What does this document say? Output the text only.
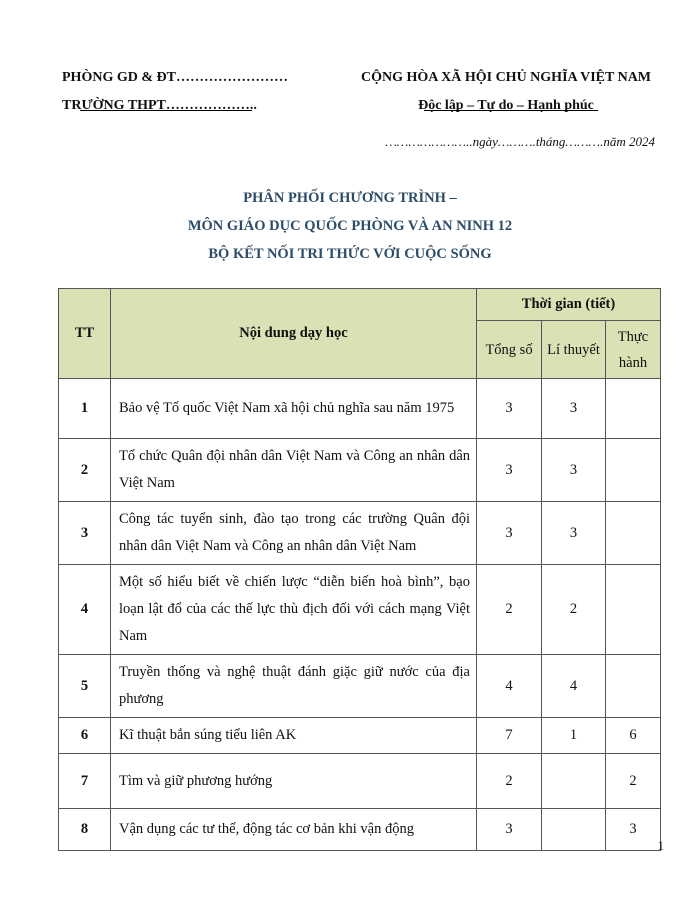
PHÒNG GD & ĐT……………………
TRƯỜNG THPT………………..
CỘNG HÒA XÃ HỘI CHỦ NGHĨA VIỆT NAM
Độc lập – Tự do – Hạnh phúc
…………………..ngày……….tháng……….năm 2024
PHÂN PHỐI CHƯƠNG TRÌNH –
MÔN GIÁO DỤC QUỐC PHÒNG VÀ AN NINH 12
BỘ KẾT NỐI TRI THỨC VỚI CUỘC SỐNG
TT	Nội dung dạy học	Thời gian (tiết)		
		Tổng số	Lí thuyết	Thực hành
1	Bảo vệ Tổ quốc Việt Nam xã hội chủ nghĩa sau năm 1975	3	3	
2	Tổ chức Quân đội nhân dân Việt Nam và Công an nhân dân Việt Nam	3	3	
3	Công tác tuyển sinh, đào tạo trong các trường Quân đội nhân dân Việt Nam và Công an nhân dân Việt Nam	3	3	
4	Một số hiểu biết về chiến lược “diễn biến hoà bình”, bạo loạn lật đổ của các thế lực thù địch đối với cách mạng Việt Nam	2	2	
5	Truyền thống và nghệ thuật đánh giặc giữ nước của địa phương	4	4	
6	Kĩ thuật bắn súng tiểu liên AK	7	1	6
7	Tìm và giữ phương hướng	2		2
8	Vận dụng các tư thế, động tác cơ bản khi vận động	3		3
1
